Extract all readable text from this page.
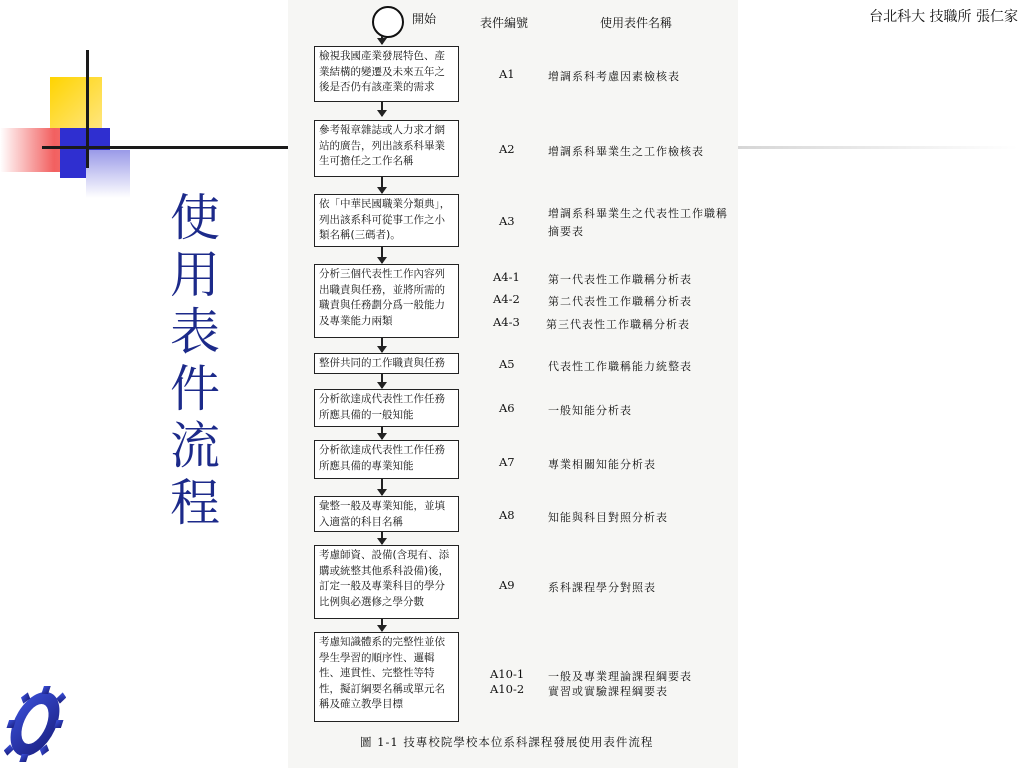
台北科大 技職所 張仁家
使
用
表
件
流
程
開始	表件編號	使用表件名稱
檢視我國產業發展特色、產業結構的變遷及未來五年之後是否仍有該產業的需求
參考報章雜誌或人力求才網站的廣告，列出該系科畢業生可擔任之工作名稱
依「中華民國職業分類典」，列出該系科可從事工作之小類名稱(三碼者)。
分析三個代表性工作內容列出職責與任務，並將所需的職責與任務劃分爲一般能力及專業能力兩類
整併共同的工作職責與任務
分析欲達成代表性工作任務所應具備的一般知能
分析欲達成代表性工作任務所應具備的專業知能
彙整一般及專業知能，並填入適當的科目名稱
考慮師資、設備(含現有、添購或統整其他系科設備)後，訂定一般及專業科目的學分比例與必選修之學分數
考慮知識體系的完整性並依學生學習的順序性、邏輯性、連貫性、完整性等特性，擬訂綱要名稱或單元名稱及確立教學目標
A1
A2
A3
A4-1
A4-2
A4-3
A5
A6
A7
A8
A9
A10-1
A10-2
增調系科考慮因素檢核表
增調系科畢業生之工作檢核表
增調系科畢業生之代表性工作職稱摘要表
第一代表性工作職稱分析表
第二代表性工作職稱分析表
第三代表性工作職稱分析表
代表性工作職稱能力統整表
一般知能分析表
專業相關知能分析表
知能與科目對照分析表
系科課程學分對照表
一般及專業理論課程綱要表
實習或實驗課程綱要表
圖 1-1 技專校院學校本位系科課程發展使用表件流程
